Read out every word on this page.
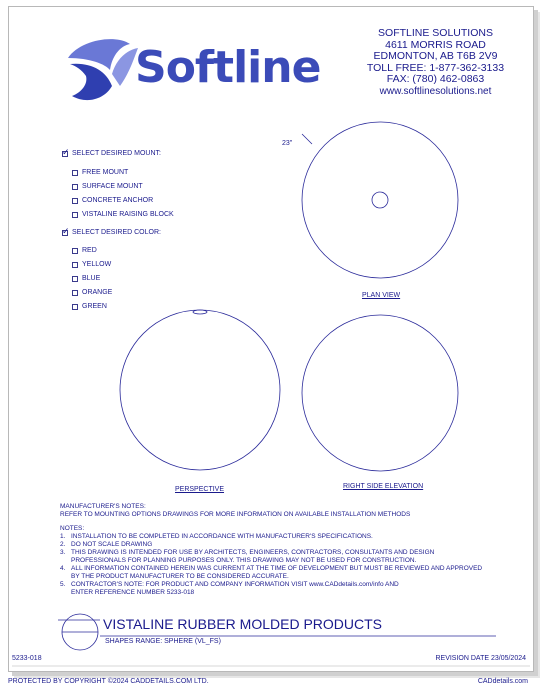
Softline
SOFTLINE SOLUTIONS
4611 MORRIS ROAD
EDMONTON, AB T6B 2V9
TOLL FREE: 1-877-362-3133
FAX: (780) 462-0863
www.softlinesolutions.net
✓
SELECT DESIRED MOUNT:
FREE MOUNT
SURFACE MOUNT
CONCRETE ANCHOR
VISTALINE RAISING BLOCK
✓
SELECT DESIRED COLOR:
RED
YELLOW
BLUE
ORANGE
GREEN
23"
PLAN VIEW
PERSPECTIVE	RIGHT SIDE ELEVATION
MANUFACTURER'S NOTES:
REFER TO MOUNTING OPTIONS DRAWINGS FOR MORE INFORMATION ON AVAILABLE INSTALLATION METHODS
NOTES:
1. INSTALLATION TO BE COMPLETED IN ACCORDANCE WITH MANUFACTURER'S SPECIFICATIONS.
2. DO NOT SCALE DRAWING
3. THIS DRAWING IS INTENDED FOR USE BY ARCHITECTS, ENGINEERS, CONTRACTORS, CONSULTANTS AND DESIGN PROFESSIONALS FOR PLANNING PURPOSES ONLY. THIS DRAWING MAY NOT BE USED FOR CONSTRUCTION.
4. ALL INFORMATION CONTAINED HEREIN WAS CURRENT AT THE TIME OF DEVELOPMENT BUT MUST BE REVIEWED AND APPROVED BY THE PRODUCT MANUFACTURER TO BE CONSIDERED ACCURATE.
5. CONTRACTOR'S NOTE: FOR PRODUCT AND COMPANY INFORMATION VISIT www.CADdetails.com/info AND ENTER REFERENCE NUMBER 5233-018
VISTALINE RUBBER MOLDED PRODUCTS
SHAPES RANGE: SPHERE (VL_FS)
5233-018	REVISION DATE 23/05/2024
PROTECTED BY COPYRIGHT ©2024 CADDETAILS.COM LTD.	CADdetails.com
